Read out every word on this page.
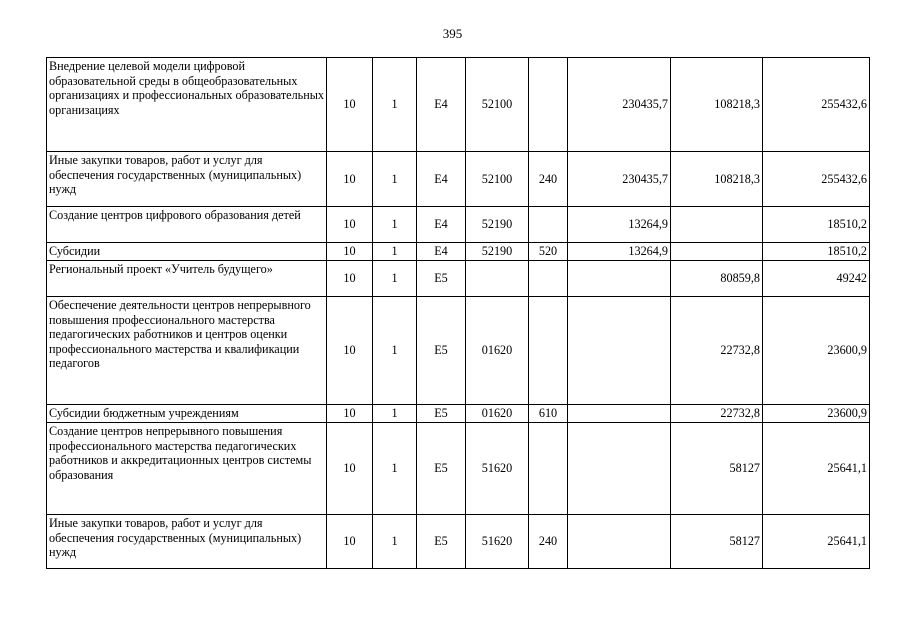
395
Внедрение целевой модели цифровой образовательной среды в общеобразовательных организациях и профессиональных образовательных организациях	10	1	Е4	52100		230435,7	108218,3	255432,6
Иные закупки товаров, работ и услуг для обеспечения государственных (муниципальных) нужд	10	1	Е4	52100	240	230435,7	108218,3	255432,6
Создание центров цифрового образования детей	10	1	Е4	52190		13264,9		18510,2
Субсидии	10	1	Е4	52190	520	13264,9		18510,2
Региональный проект «Учитель будущего»	10	1	Е5				80859,8	49242
Обеспечение деятельности центров непрерывного повышения профессионального мастерства педагогических работников и центров оценки профессионального мастерства и квалификации педагогов	10	1	Е5	01620			22732,8	23600,9
Субсидии бюджетным учреждениям	10	1	Е5	01620	610		22732,8	23600,9
Создание центров непрерывного повышения профессионального мастерства педагогических работников и аккредитационных центров системы образования	10	1	Е5	51620			58127	25641,1
Иные закупки товаров, работ и услуг для обеспечения государственных (муниципальных) нужд	10	1	Е5	51620	240		58127	25641,1
